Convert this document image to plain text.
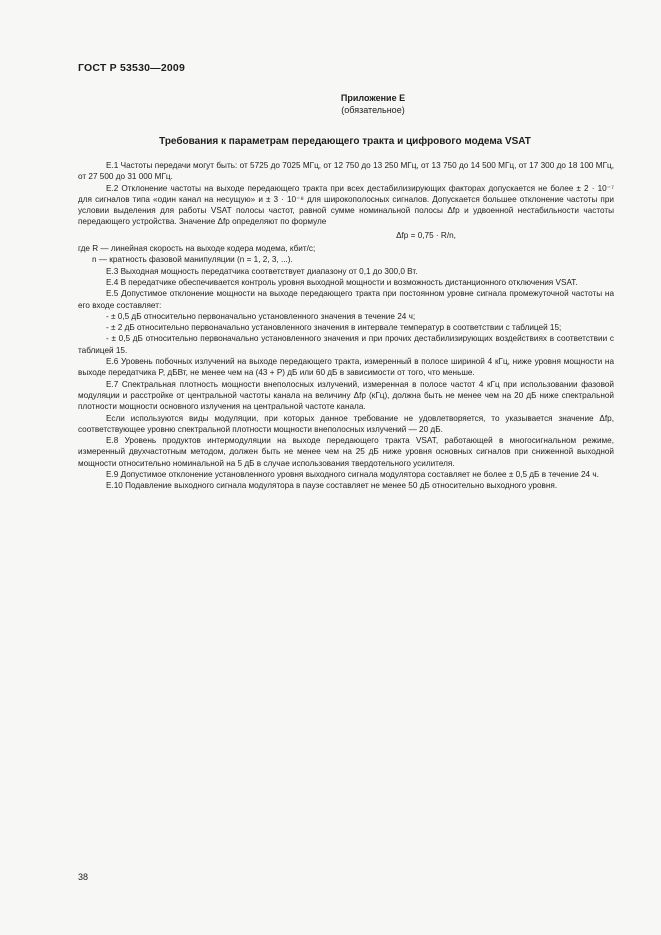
ГОСТ Р 53530—2009
Приложение Е
(обязательное)
Требования к параметрам передающего тракта и цифрового модема VSAT

Е.1 Частоты передачи могут быть: от 5725 до 7025 МГц, от 12 750 до 13 250 МГц, от 13 750 до 14 500 МГц, от 17 300 до 18 100 МГц, от 27 500 до 31 000 МГц.

Е.2 Отклонение частоты на выходе передающего тракта при всех дестабилизирующих факторах допускается не более ± 2 · 10⁻⁷ для сигналов типа «один канал на несущую» и ± 3 · 10⁻⁸ для широкополосных сигналов. Допускается большее отклонение частоты при условии выделения для работы VSAT полосы частот, равной сумме номинальной полосы Δfр и удвоенной нестабильности частоты передающего устройства. Значение Δfр определяют по формуле

Δfр = 0,75 · R/n,

где R — линейная скорость на выходе кодера модема, кбит/с;

n — кратность фазовой манипуляции (n = 1, 2, 3, ...).

Е.3 Выходная мощность передатчика соответствует диапазону от 0,1 до 300,0 Вт.

Е.4 В передатчике обеспечивается контроль уровня выходной мощности и возможность дистанционного отключения VSAT.

Е.5 Допустимое отклонение мощности на выходе передающего тракта при постоянном уровне сигнала промежуточной частоты на его входе составляет:

- ± 0,5 дБ относительно первоначально установленного значения в течение 24 ч;

- ± 2 дБ относительно первоначально установленного значения в интервале температур в соответствии с таблицей 15;

- ± 0,5 дБ относительно первоначально установленного значения и при прочих дестабилизирующих воздействиях в соответствии с таблицей 15.

Е.6 Уровень побочных излучений на выходе передающего тракта, измеренный в полосе шириной 4 кГц, ниже уровня мощности на выходе передатчика P, дБВт, не менее чем на (43 + P) дБ или 60 дБ в зависимости от того, что меньше.

Е.7 Спектральная плотность мощности внеполосных излучений, измеренная в полосе частот 4 кГц при использовании фазовой модуляции и расстройке от центральной частоты канала на величину Δfр (кГц), должна быть не менее чем на 20 дБ ниже спектральной плотности мощности основного излучения на центральной частоте канала.

Если используются виды модуляции, при которых данное требование не удовлетворяется, то указывается значение Δfр, соответствующее уровню спектральной плотности мощности внеполосных излучений — 20 дБ.

Е.8 Уровень продуктов интермодуляции на выходе передающего тракта VSAT, работающей в многосигнальном режиме, измеренный двухчастотным методом, должен быть не менее чем на 25 дБ ниже уровня основных сигналов при сниженной выходной мощности относительно номинальной на 5 дБ в случае использования твердотельного усилителя.

Е.9 Допустимое отклонение установленного уровня выходного сигнала модулятора составляет не более ± 0,5 дБ в течение 24 ч.

Е.10 Подавление выходного сигнала модулятора в паузе составляет не менее 50 дБ относительно выходного уровня.

38
